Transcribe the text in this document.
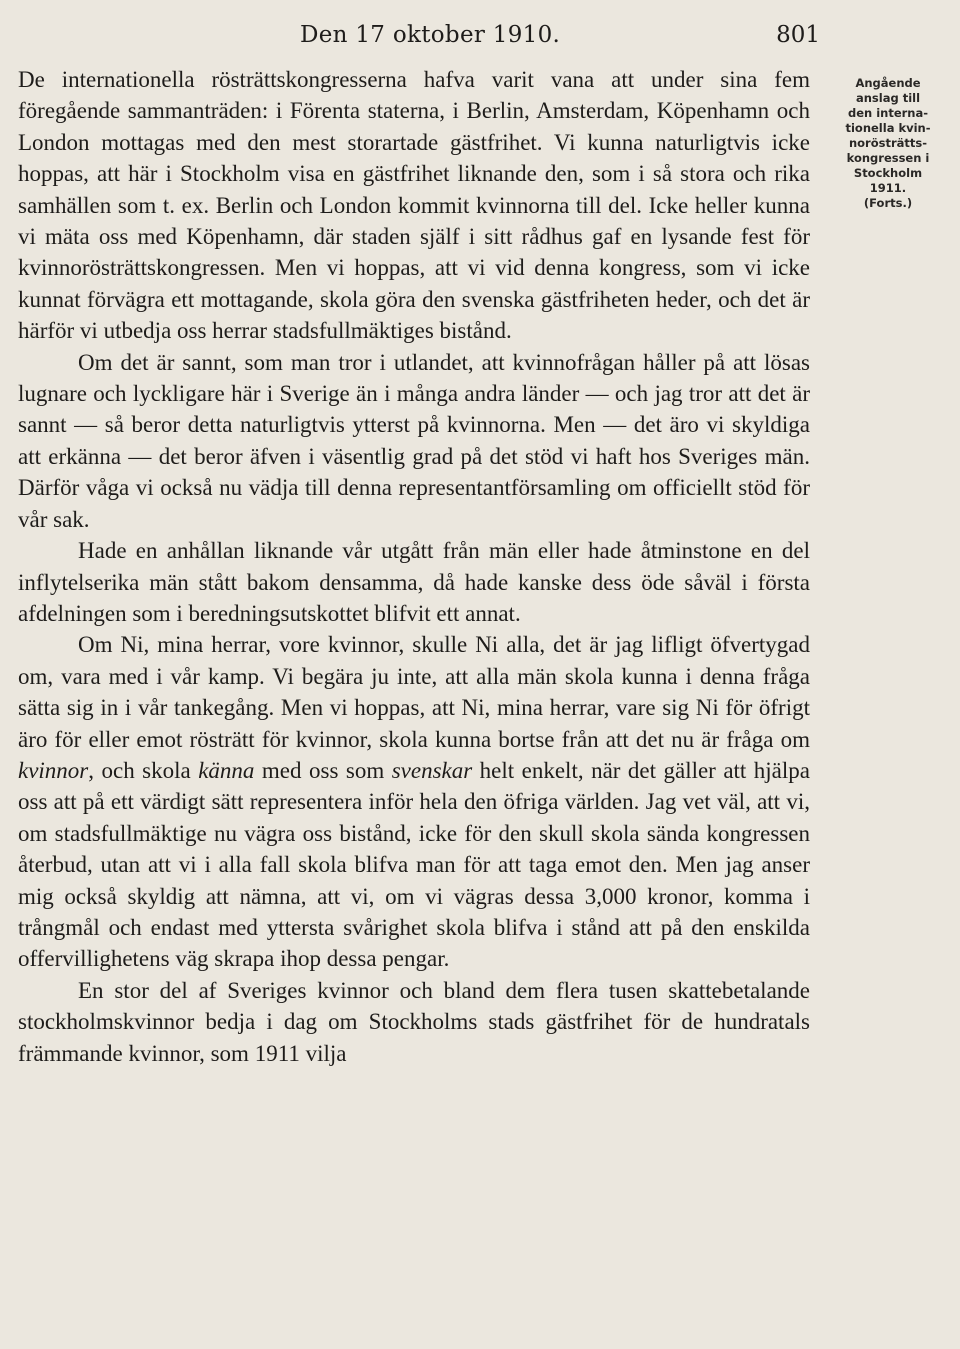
Den 17 oktober 1910.	801

De internationella rösträttskongresserna hafva varit vana att under sina fem föregående sammanträden: i Förenta staterna, i Berlin, Amsterdam, Köpenhamn och London mottagas med den mest storartade gästfrihet. Vi kunna naturligtvis icke hoppas, att här i Stockholm visa en gästfrihet liknande den, som i så stora och rika samhällen som t. ex. Berlin och London kommit kvinnorna till del. Icke heller kunna vi mäta oss med Köpenhamn, där staden själf i sitt rådhus gaf en lysande fest för kvinnorösträttskongressen. Men vi hoppas, att vi vid denna kongress, som vi icke kunnat förvägra ett mottagande, skola göra den svenska gästfriheten heder, och det är härför vi utbedja oss herrar stadsfullmäktiges bistånd.

Om det är sannt, som man tror i utlandet, att kvinnofrågan håller på att lösas lugnare och lyckligare här i Sverige än i många andra länder — och jag tror att det är sannt — så beror detta naturligtvis ytterst på kvinnorna. Men — det äro vi skyldiga att erkänna — det beror äfven i väsentlig grad på det stöd vi haft hos Sveriges män. Därför våga vi också nu vädja till denna representantförsamling om officiellt stöd för vår sak.

Hade en anhållan liknande vår utgått från män eller hade åtminstone en del inflytelserika män stått bakom densamma, då hade kanske dess öde såväl i första afdelningen som i beredningsutskottet blifvit ett annat.

Om Ni, mina herrar, vore kvinnor, skulle Ni alla, det är jag lifligt öfvertygad om, vara med i vår kamp. Vi begära ju inte, att alla män skola kunna i denna fråga sätta sig in i vår tankegång. Men vi hoppas, att Ni, mina herrar, vare sig Ni för öfrigt äro för eller emot rösträtt för kvinnor, skola kunna bortse från att det nu är fråga om kvinnor, och skola känna med oss som svenskar helt enkelt, när det gäller att hjälpa oss att på ett värdigt sätt representera inför hela den öfriga världen. Jag vet väl, att vi, om stadsfullmäktige nu vägra oss bistånd, icke för den skull skola sända kongressen återbud, utan att vi i alla fall skola blifva man för att taga emot den. Men jag anser mig också skyldig att nämna, att vi, om vi vägras dessa 3,000 kronor, komma i trångmål och endast med yttersta svårighet skola blifva i stånd att på den enskilda offervillighetens väg skrapa ihop dessa pengar.

En stor del af Sveriges kvinnor och bland dem flera tusen skattebetalande stockholmskvinnor bedja i dag om Stockholms stads gästfrihet för de hundratals främmande kvinnor, som 1911 vilja

Angående
anslag till
den interna-
tionella kvin-
norösträtts-
kongressen i
Stockholm
1911.
(Forts.)
